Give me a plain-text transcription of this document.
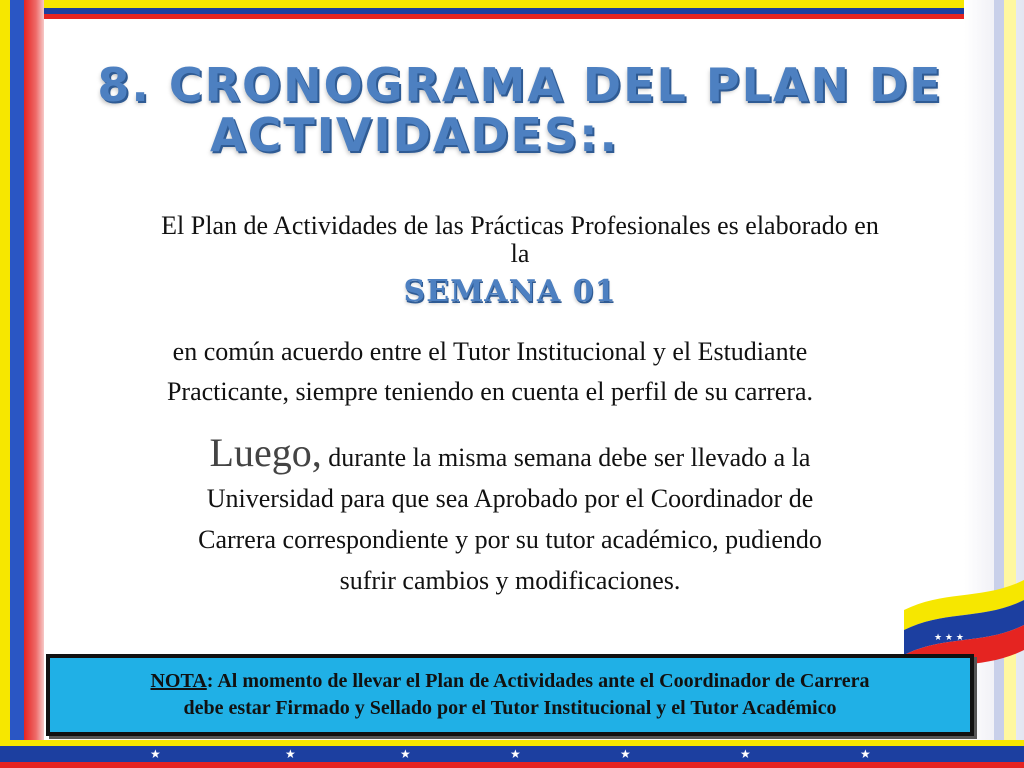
★	★	★	★	★	★	★
★ ★ ★
8. CRONOGRAMA DEL PLAN DE
ACTIVIDADES:.

El Plan de Actividades de las Prácticas Profesionales es elaborado en
la

SEMANA 01

en común acuerdo entre el Tutor Institucional y el Estudiante
Practicante, siempre teniendo en cuenta el perfil de su carrera.

Luego, durante la misma semana debe ser llevado a la
Universidad para que sea Aprobado por el Coordinador de
Carrera correspondiente y por su tutor académico, pudiendo
sufrir cambios y modificaciones.

NOTA: Al momento de llevar el Plan de Actividades ante el Coordinador de Carrera

debe estar Firmado y Sellado por el Tutor Institucional y el Tutor Académico
